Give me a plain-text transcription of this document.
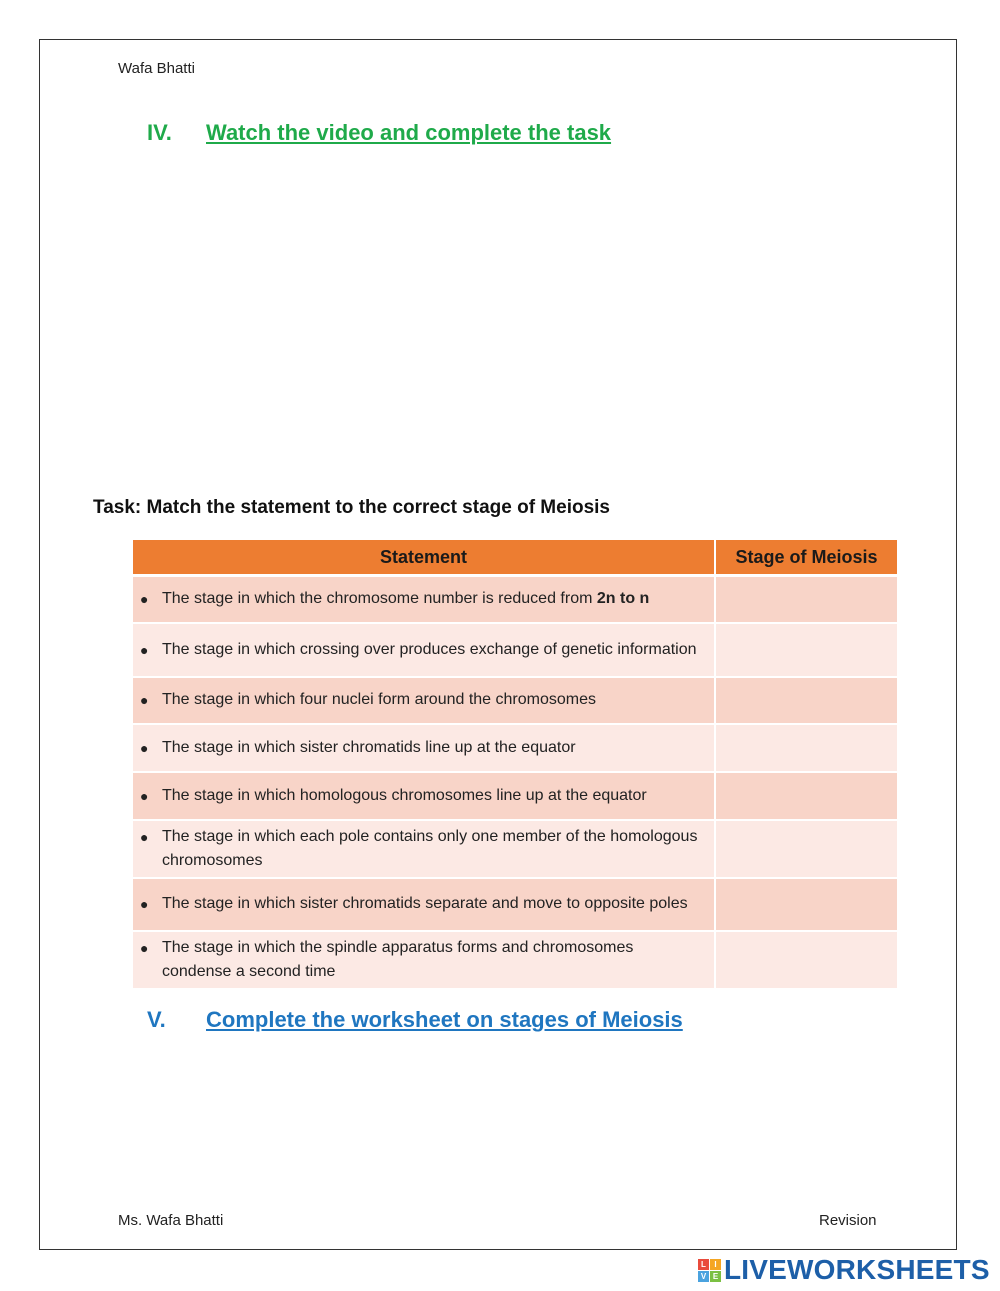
Wafa Bhatti
IV. Watch the video and complete the task
Task: Match the statement to the correct stage of Meiosis
Statement	Stage of Meiosis

● The stage in which the chromosome number is reduced from 2n to n	

● The stage in which crossing over produces exchange of genetic information	

● The stage in which four nuclei form around the chromosomes	

● The stage in which sister chromatids line up at the equator	

● The stage in which homologous chromosomes line up at the equator	

● The stage in which each pole contains only one member of the homologous chromosomes	

● The stage in which sister chromatids separate and move to opposite poles	

● The stage in which the spindle apparatus forms and chromosomes condense a second time	

V. Complete the worksheet on stages of Meiosis
Ms. Wafa Bhatti	Revision
L	I
V E LIVEWORKSHEETS
